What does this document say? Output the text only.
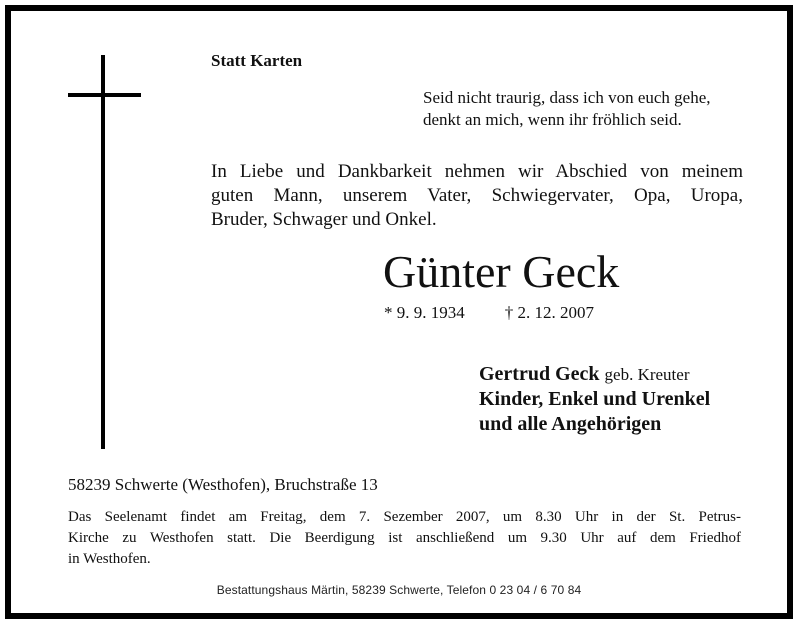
Statt Karten
Seid nicht traurig, dass ich von euch gehe,
denkt an mich, wenn ihr fröhlich seid.
In Liebe und Dankbarkeit nehmen wir Abschied von meinem
guten Mann, unserem Vater, Schwiegervater, Opa, Uropa,
Bruder, Schwager und Onkel.
Günter Geck
* 9. 9. 1934 † 2. 12. 2007
Gertrud Geck geb. Kreuter
Kinder, Enkel und Urenkel
und alle Angehörigen
58239 Schwerte (Westhofen), Bruchstraße 13
Das Seelenamt findet am Freitag, dem 7. Sezember 2007, um 8.30 Uhr in der St. Petrus-
Kirche zu Westhofen statt. Die Beerdigung ist anschließend um 9.30 Uhr auf dem Friedhof
in Westhofen.
Bestattungshaus Märtin, 58239 Schwerte, Telefon 0 23 04 / 6 70 84
